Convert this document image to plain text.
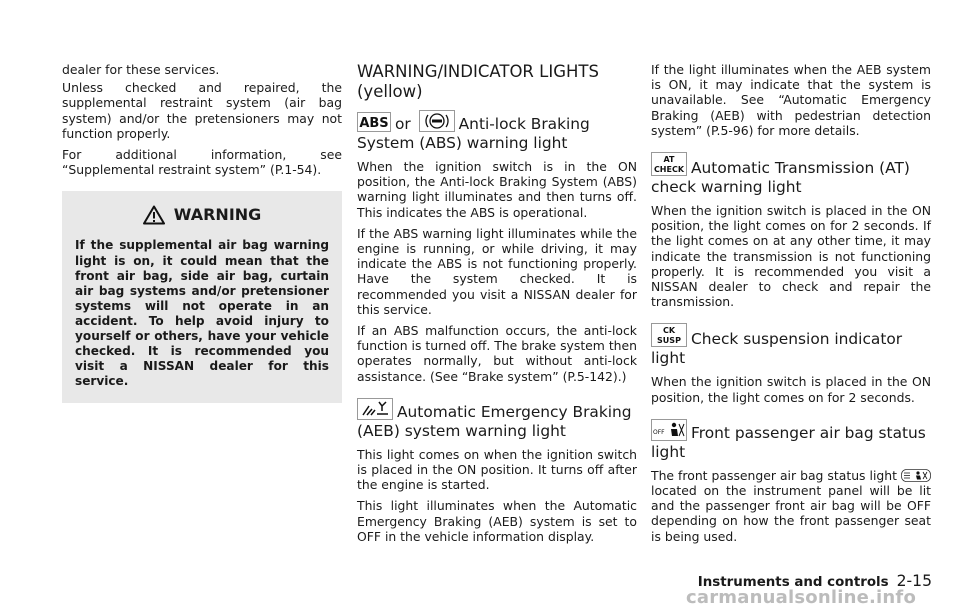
dealer for these services.

Unless checked and repaired, the supplemental restraint system (air bag system) and/or the pretensioners may not function properly.

For additional information, see “Supplemental restraint system” (P.1-54).

WARNING

If the supplemental air bag warning light is on, it could mean that the front air bag, side air bag, curtain air bag systems and/or pretensioner systems will not operate in an accident. To help avoid injury to yourself or others, have your vehicle checked. It is recommended you visit a NISSAN dealer for this service.

WARNING/INDICATOR LIGHTS (yellow)
ABS or	Anti-lock Braking System (ABS) warning light

When the ignition switch is in the ON position, the Anti-lock Braking System (ABS) warning light illuminates and then turns off. This indicates the ABS is operational.

If the ABS warning light illuminates while the engine is running, or while driving, it may indicate the ABS is not functioning properly. Have the system checked. It is recommended you visit a NISSAN dealer for this service.

If an ABS malfunction occurs, the anti-lock function is turned off. The brake system then operates normally, but without anti-lock assistance. (See “Brake system” (P.5-142).)

Automatic Emergency Braking (AEB) system warning light

This light comes on when the ignition switch is placed in the ON position. It turns off after the engine is started.

This light illuminates when the Automatic Emergency Braking (AEB) system is set to OFF in the vehicle information display.

If the light illuminates when the AEB system is ON, it may indicate that the system is unavailable. See “Automatic Emergency Braking (AEB) with pedestrian detection system” (P.5-96) for more details.

AT
CHECK Automatic Transmission (AT) check warning light

When the ignition switch is placed in the ON position, the light comes on for 2 seconds. If the light comes on at any other time, it may indicate the transmission is not functioning properly. It is recommended you visit a NISSAN dealer to check and repair the transmission.

CK
SUSP Check suspension indicator light

When the ignition switch is placed in the ON position, the light comes on for 2 seconds.

OFF Front passenger air bag status light

The front passenger air bag status light  located on the instrument panel will be lit and the passenger front air bag will be OFF depending on how the front passenger seat is being used.

Instruments and controls 2-15
carmanualsonline.info
